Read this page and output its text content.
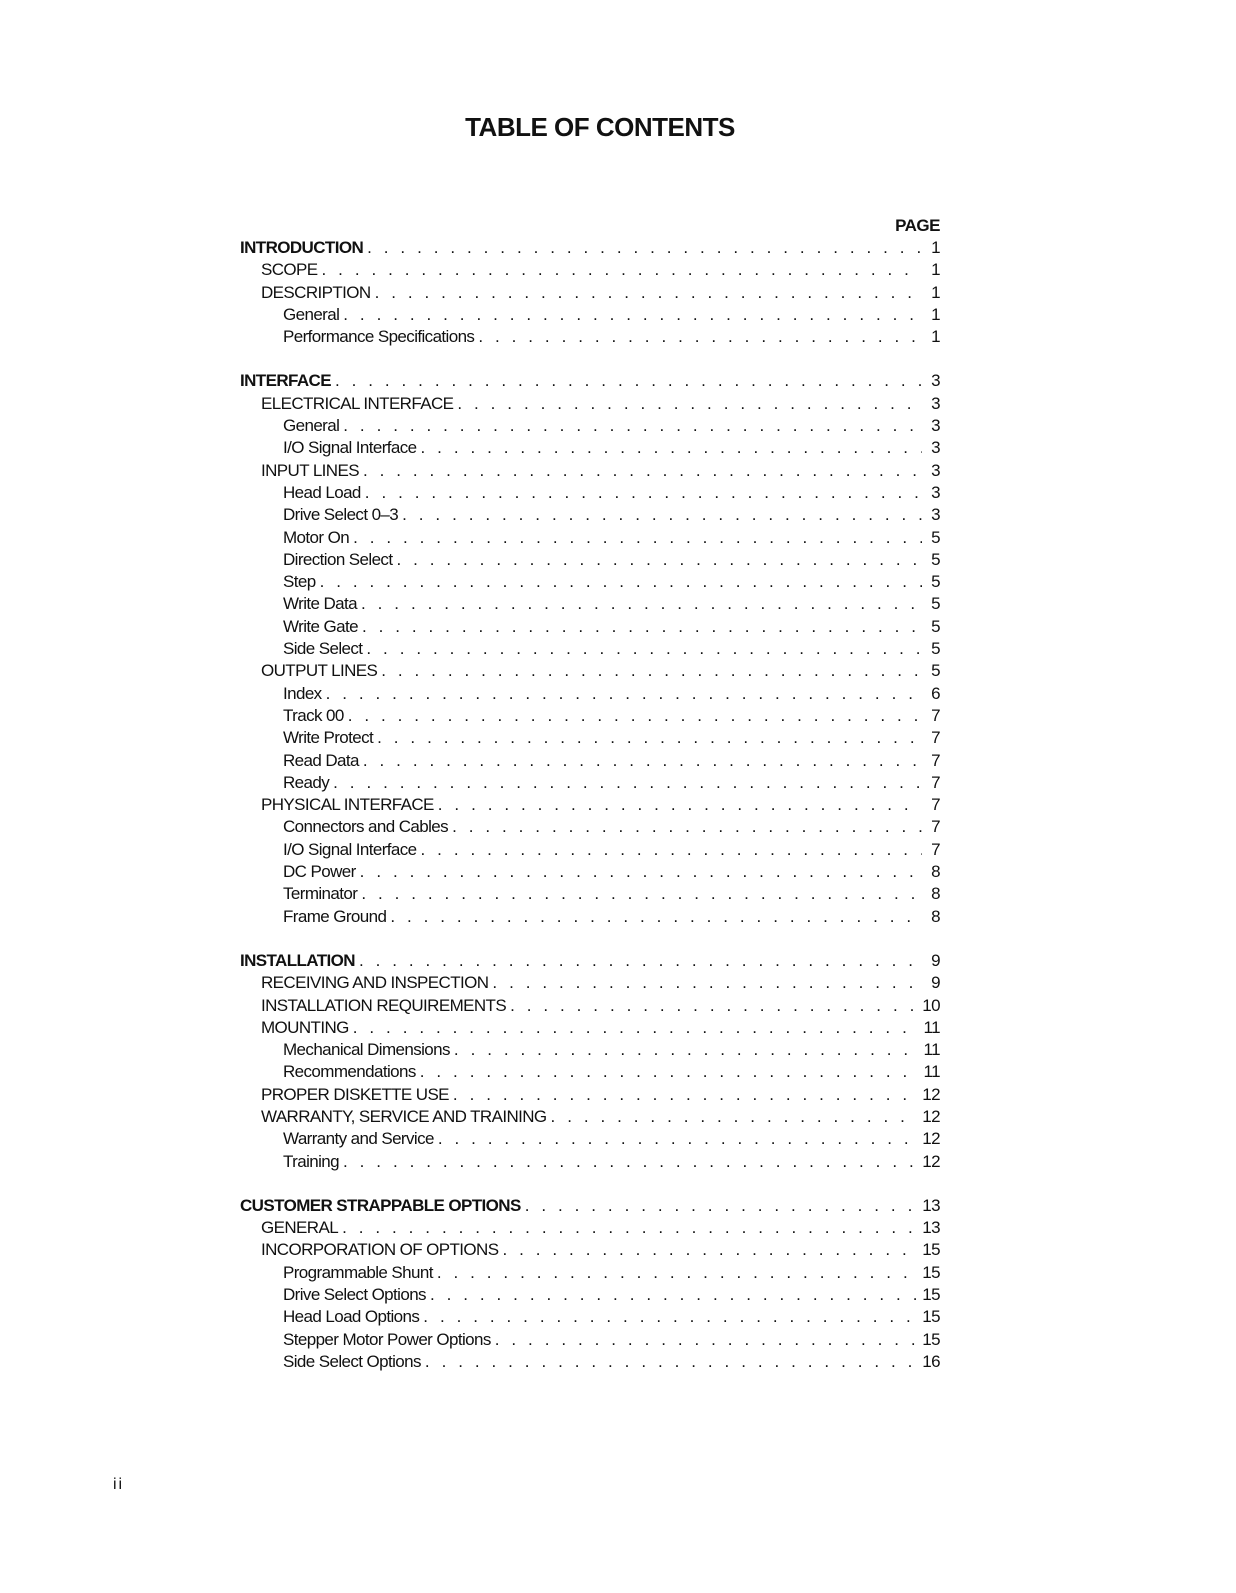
TABLE OF CONTENTS
PAGE
INTRODUCTION . . .	1
SCOPE . . .	1
DESCRIPTION . . .	1
General . . .	1
Performance Specifications . . .	1
INTERFACE . . .	3
ELECTRICAL INTERFACE . . .	3
General . . .	3
I/O Signal Interface . . .	3
INPUT LINES . . .	3
Head Load . . .	3
Drive Select 0–3 . . .	3
Motor On . . .	5
Direction Select . . .	5
Step . . .	5
Write Data . . .	5
Write Gate . . .	5
Side Select . . .	5
OUTPUT LINES . . .	5
Index . . .	6
Track 00 . . .	7
Write Protect . . .	7
Read Data . . .	7
Ready . . .	7
PHYSICAL INTERFACE . . .	7
Connectors and Cables . . .	7
I/O Signal Interface . . .	7
DC Power . . .	8
Terminator . . .	8
Frame Ground . . .	8
INSTALLATION . . .	9
RECEIVING AND INSPECTION . . .	9
INSTALLATION REQUIREMENTS . . .	10
MOUNTING . . .	11
Mechanical Dimensions . . .	11
Recommendations . . .	11
PROPER DISKETTE USE . . .	12
WARRANTY, SERVICE AND TRAINING . . .	12
Warranty and Service . . .	12
Training . . .	12
CUSTOMER STRAPPABLE OPTIONS . . .	13
GENERAL . . .	13
INCORPORATION OF OPTIONS . . .	15
Programmable Shunt . . .	15
Drive Select Options . . .	15
Head Load Options . . .	15
Stepper Motor Power Options . . .	15
Side Select Options . . .	16
ii
